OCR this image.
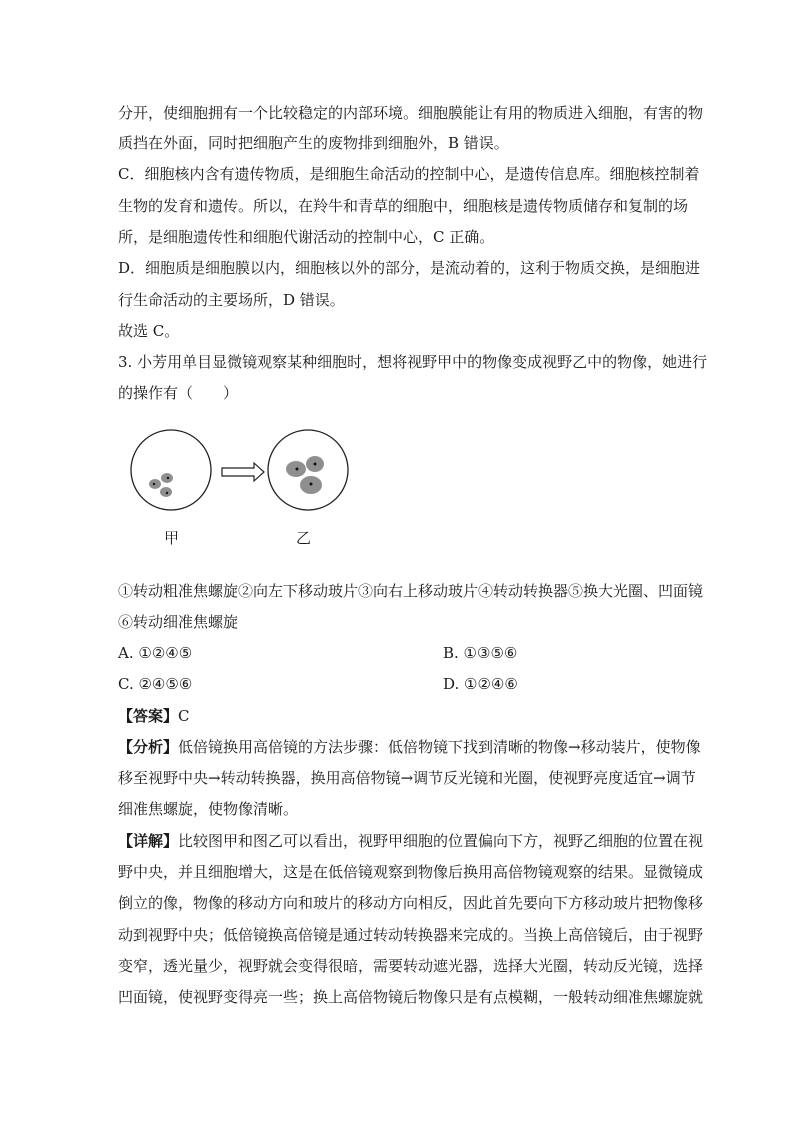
分开，使细胞拥有一个比较稳定的内部环境。细胞膜能让有用的物质进入细胞，有害的物
质挡在外面，同时把细胞产生的废物排到细胞外，B 错误。
C．细胞核内含有遗传物质，是细胞生命活动的控制中心，是遗传信息库。细胞核控制着
生物的发育和遗传。所以，在羚牛和青草的细胞中，细胞核是遗传物质储存和复制的场
所，是细胞遗传性和细胞代谢活动的控制中心，C 正确。
D．细胞质是细胞膜以内，细胞核以外的部分，是流动着的，这利于物质交换，是细胞进
行生命活动的主要场所，D 错误。
故选 C。
3. 小芳用单目显微镜观察某种细胞时，想将视野甲中的物像变成视野乙中的物像，她进行
的操作有（　　）
甲	乙
①转动粗准焦螺旋②向左下移动玻片③向右上移动玻片④转动转换器⑤换大光圈、凹面镜
⑥转动细准焦螺旋
A. ①②④⑤	B. ①③⑤⑥
C. ②④⑤⑥	D. ①②④⑥
【答案】C
【分析】低倍镜换用高倍镜的方法步骤：低倍物镜下找到清晰的物像→移动装片，使物像
移至视野中央→转动转换器，换用高倍物镜→调节反光镜和光圈，使视野亮度适宜→调节
细准焦螺旋，使物像清晰。
【详解】比较图甲和图乙可以看出，视野甲细胞的位置偏向下方，视野乙细胞的位置在视
野中央，并且细胞增大，这是在低倍镜观察到物像后换用高倍物镜观察的结果。显微镜成
倒立的像，物像的移动方向和玻片的移动方向相反，因此首先要向下方移动玻片把物像移
动到视野中央；低倍镜换高倍镜是通过转动转换器来完成的。当换上高倍镜后，由于视野
变窄，透光量少，视野就会变得很暗，需要转动遮光器，选择大光圈，转动反光镜，选择
凹面镜，使视野变得亮一些；换上高倍物镜后物像只是有点模糊，一般转动细准焦螺旋就
